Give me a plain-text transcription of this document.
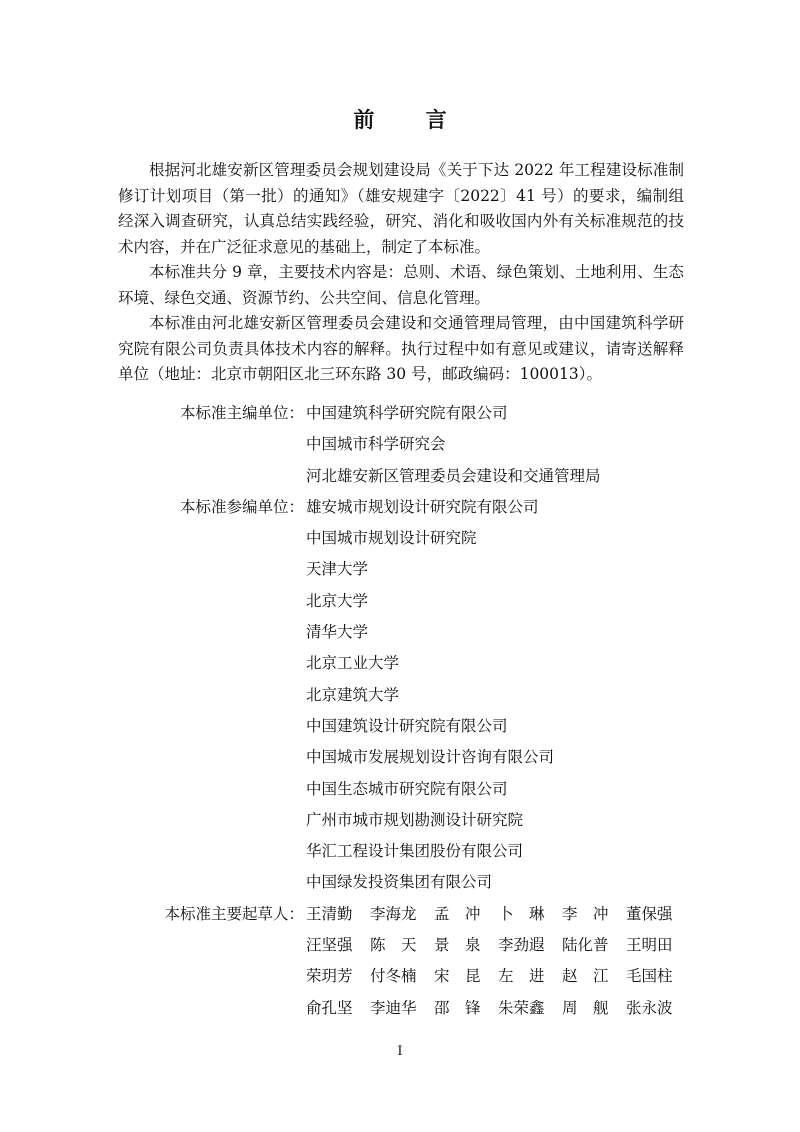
前 言

根据河北雄安新区管理委员会规划建设局《关于下达 2022 年工程建设标准制修订计划项目（第一批）的通知》（雄安规建字〔2022〕41 号）的要求，编制组经深入调查研究，认真总结实践经验，研究、消化和吸收国内外有关标准规范的技术内容，并在广泛征求意见的基础上，制定了本标准。

本标准共分 9 章，主要技术内容是：总则、术语、绿色策划、土地利用、生态环境、绿色交通、资源节约、公共空间、信息化管理。

本标准由河北雄安新区管理委员会建设和交通管理局管理，由中国建筑科学研究院有限公司负责具体技术内容的解释。执行过程中如有意见或建议，请寄送解释单位（地址：北京市朝阳区北三环东路 30 号，邮政编码：100013）。

本标准主编单位： 中国建筑科学研究院有限公司
中国城市科学研究会
河北雄安新区管理委员会建设和交通管理局
本标准参编单位： 雄安城市规划设计研究院有限公司
中国城市规划设计研究院
天津大学
北京大学
清华大学
北京工业大学
北京建筑大学
中国建筑设计研究院有限公司
中国城市发展规划设计咨询有限公司
中国生态城市研究院有限公司
广州市城市规划勘测设计研究院
华汇工程设计集团股份有限公司
中国绿发投资集团有限公司
本标准主要起草人： 王清勤	李海龙	孟　冲	卜　琳	李　冲	董保强
汪坚强	陈　天	景　泉	李劲遐	陆化普	王明田
荣玥芳	付冬楠	宋　昆	左　进	赵　江	毛国柱
俞孔坚	李迪华	邵　锋	朱荣鑫	周　舰	张永波
I
